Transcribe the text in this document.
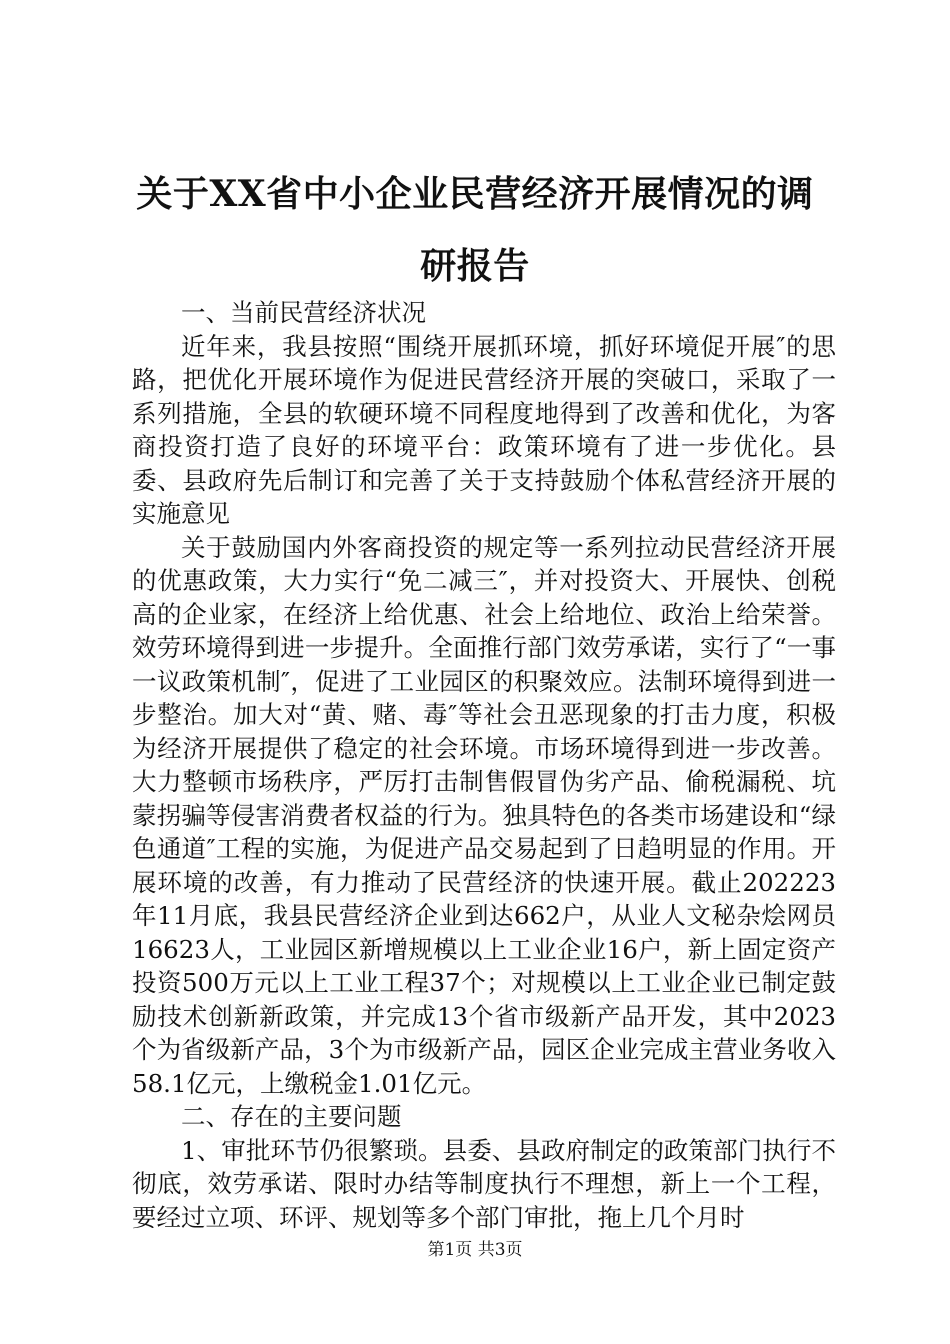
关于XX省中小企业民营经济开展情况的调研报告

一、当前民营经济状况

近年来，我县按照“围绕开展抓环境，抓好环境促开展″的思路，把优化开展环境作为促进民营经济开展的突破口，采取了一系列措施，全县的软硬环境不同程度地得到了改善和优化，为客商投资打造了良好的环境平台：政策环境有了进一步优化。县委、县政府先后制订和完善了关于支持鼓励个体私营经济开展的实施意见

关于鼓励国内外客商投资的规定等一系列拉动民营经济开展的优惠政策，大力实行“免二减三″，并对投资大、开展快、创税高的企业家，在经济上给优惠、社会上给地位、政治上给荣誉。效劳环境得到进一步提升。全面推行部门效劳承诺，实行了“一事一议政策机制″，促进了工业园区的积聚效应。法制环境得到进一步整治。加大对“黄、赌、毒″等社会丑恶现象的打击力度，积极为经济开展提供了稳定的社会环境。市场环境得到进一步改善。大力整顿市场秩序，严厉打击制售假冒伪劣产品、偷税漏税、坑蒙拐骗等侵害消费者权益的行为。独具特色的各类市场建设和“绿色通道″工程的实施，为促进产品交易起到了日趋明显的作用。开展环境的改善，有力推动了民营经济的快速开展。截止202223年11月底，我县民营经济企业到达662户，从业人文秘杂烩网员16623人，工业园区新增规模以上工业企业16户，新上固定资产投资500万元以上工业工程37个；对规模以上工业企业已制定鼓励技术创新新政策，并完成13个省市级新产品开发，其中2023个为省级新产品，3个为市级新产品，园区企业完成主营业务收入58.1亿元，上缴税金1.01亿元。

二、存在的主要问题

1、审批环节仍很繁琐。县委、县政府制定的政策部门执行不彻底，效劳承诺、限时办结等制度执行不理想，新上一个工程，要经过立项、环评、规划等多个部门审批，拖上几个月时

第1页 共3页
